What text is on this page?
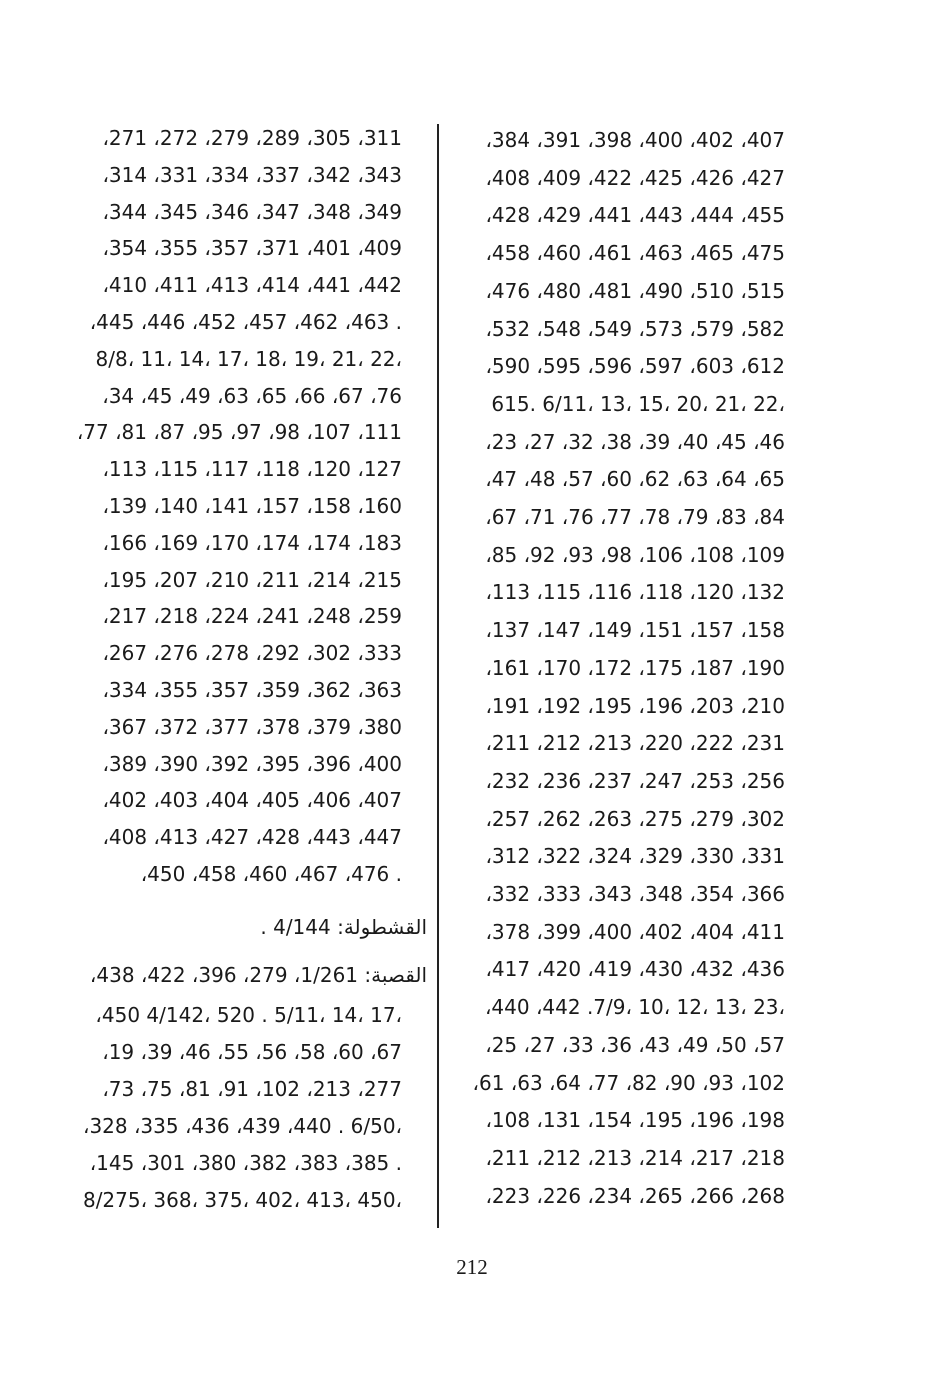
،384 ،391 ،398 ،400 ،402 ،407
،408 ،409 ،422 ،425 ،426 ،427
،428 ،429 ،441 ،443 ،444 ،455
،458 ،460 ،461 ،463 ،465 ،475
،476 ،480 ،481 ،490 ،510 ،515
،532 ،548 ،549 ،573 ،579 ،582
،590 ،595 ،596 ،597 ،603 ،612
615. 6/11، 13، 15، 20، 21، 22،
،23 ،27 ،32 ،38 ،39 ،40 ،45 ،46
،47 ،48 ،57 ،60 ،62 ،63 ،64 ،65
،67 ،71 ،76 ،77 ،78 ،79 ،83 ،84
،85 ،92 ،93 ،98 ،106 ،108 ،109
،113 ،115 ،116 ،118 ،120 ،132
،137 ،147 ،149 ،151 ،157 ،158
،161 ،170 ،172 ،175 ،187 ،190
،191 ،192 ،195 ،196 ،203 ،210
،211 ،212 ،213 ،220 ،222 ،231
،232 ،236 ،237 ،247 ،253 ،256
،257 ،262 ،263 ،275 ،279 ،302
،312 ،322 ،324 ،329 ،330 ،331
،332 ،333 ،343 ،348 ،354 ،366
،378 ،399 ،400 ،402 ،404 ،411
،417 ،420 ،419 ،430 ،432 ،436
،440 ،442 .7/9، 10، 12، 13، 23،
،25 ،27 ،33 ،36 ،43 ،49 ،50 ،57
،61 ،63 ،64 ،77 ،82 ،90 ،93 ،102
،108 ،131 ،154 ،195 ،196 ،198
،211 ،212 ،213 ،214 ،217 ،218
،223 ،226 ،234 ،265 ،266 ،268
،271 ،272 ،279 ،289 ،305 ،311
،314 ،331 ،334 ،337 ،342 ،343
،344 ،345 ،346 ،347 ،348 ،349
،354 ،355 ،357 ،371 ،401 ،409
،410 ،411 ،413 ،414 ،441 ،442
،445 ،446 ،452 ،457 ،462 ،463 .
8/8، 11، 14، 17، 18، 19، 21، 22،
،34 ،45 ،49 ،63 ،65 ،66 ،67 ،76
،77 ،81 ،87 ،95 ،97 ،98 ،107 ،111
،113 ،115 ،117 ،118 ،120 ،127
،139 ،140 ،141 ،157 ،158 ،160
،166 ،169 ،170 ،174 ،174 ،183
،195 ،207 ،210 ،211 ،214 ،215
،217 ،218 ،224 ،241 ،248 ،259
،267 ،276 ،278 ،292 ،302 ،333
،334 ،355 ،357 ،359 ،362 ،363
،367 ،372 ،377 ،378 ،379 ،380
،389 ،390 ،392 ،395 ،396 ،400
،402 ،403 ،404 ،405 ،406 ،407
،408 ،413 ،427 ،428 ،443 ،447
،450 ،458 ،460 ،467 ،476 .
القشطولة: 4/144 .
القصبة: 1/261، 279، 396، 422، 438،
،450 4/142، 520 . 5/11، 14، 17،
،19 ،39 ،46 ،55 ،56 ،58 ،60 ،67
،73 ،75 ،81 ،91 ،102 ،213 ،277
،328 ،335 ،436 ،439 ،440 . 6/50،
،145 ،301 ،380 ،382 ،383 ،385 .
8/275، 368، 375، 402، 413، 450،
212
